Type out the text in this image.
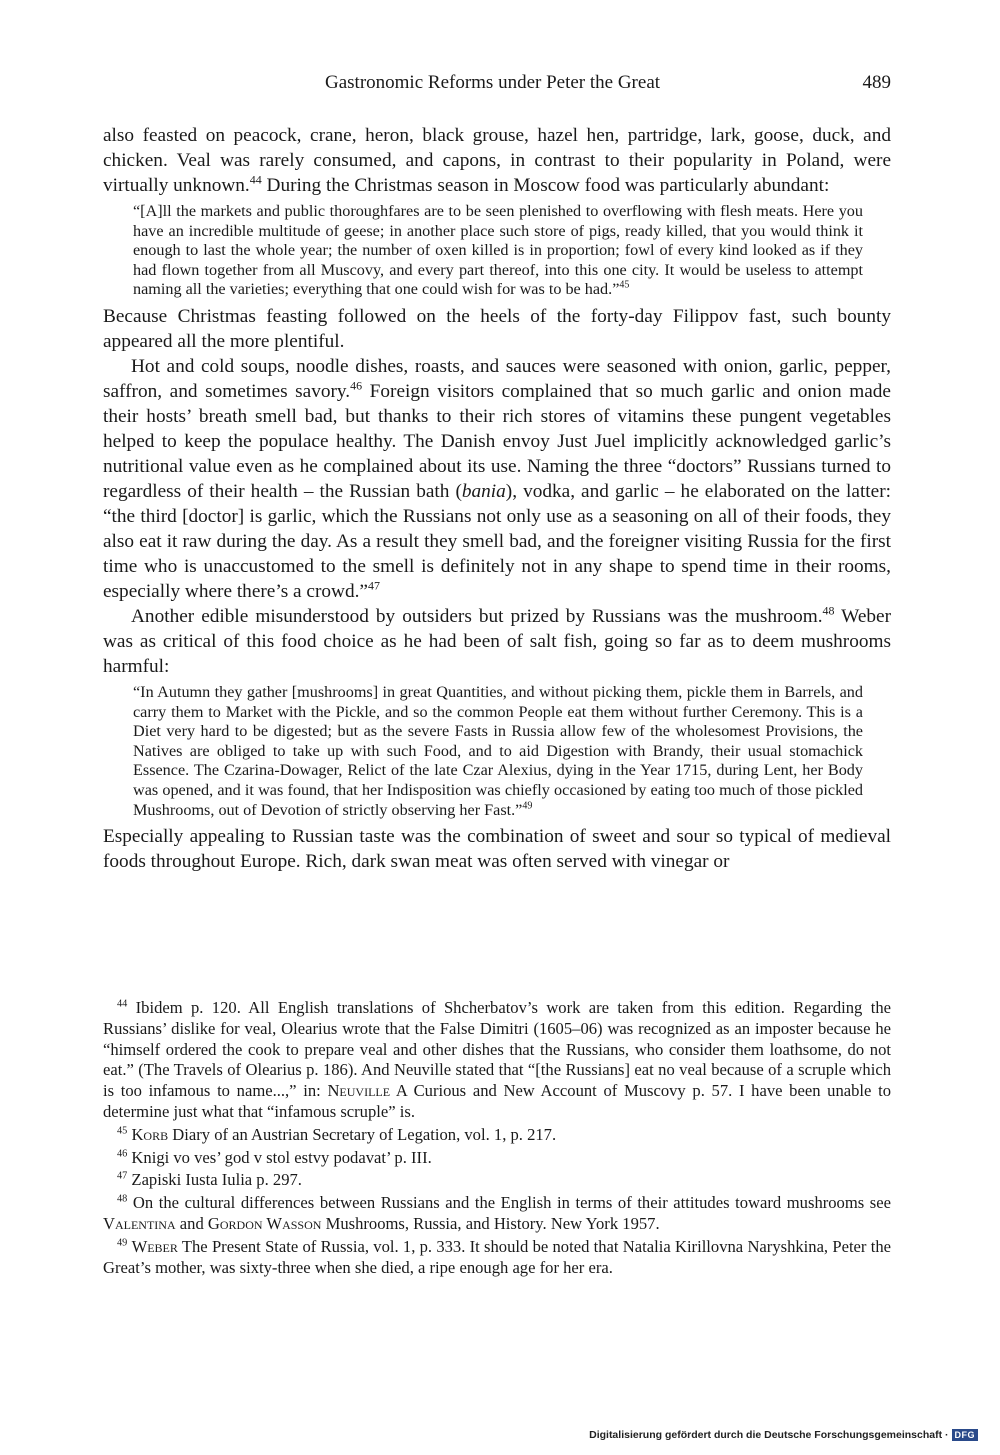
Gastronomic Reforms under Peter the Great	489

also feasted on peacock, crane, heron, black grouse, hazel hen, partridge, lark, goose, duck, and chicken. Veal was rarely consumed, and capons, in contrast to their popularity in Poland, were virtually unknown.$^{44}$ During the Christmas season in Moscow food was particularly abundant:

“[A]ll the markets and public thoroughfares are to be seen plenished to overflowing with flesh meats. Here you have an incredible multitude of geese; in another place such store of pigs, ready killed, that you would think it enough to last the whole year; the number of oxen killed is in proportion; fowl of every kind looked as if they had flown together from all Muscovy, and every part thereof, into this one city. It would be useless to attempt naming all the varieties; everything that one could wish for was to be had.”$^{45}$

Because Christmas feasting followed on the heels of the forty-day Filippov fast, such bounty appeared all the more plentiful.

Hot and cold soups, noodle dishes, roasts, and sauces were seasoned with onion, garlic, pepper, saffron, and sometimes savory.$^{46}$ Foreign visitors complained that so much garlic and onion made their hosts’ breath smell bad, but thanks to their rich stores of vitamins these pungent vegetables helped to keep the populace healthy. The Danish envoy Just Juel implicitly acknowledged garlic’s nutritional value even as he complained about its use. Naming the three “doctors” Russians turned to regardless of their health – the Russian bath (bania), vodka, and garlic – he elaborated on the latter: “the third [doctor] is garlic, which the Russians not only use as a seasoning on all of their foods, they also eat it raw during the day. As a result they smell bad, and the foreigner visiting Russia for the first time who is unaccustomed to the smell is definitely not in any shape to spend time in their rooms, especially where there’s a crowd.”$^{47}$

Another edible misunderstood by outsiders but prized by Russians was the mushroom.$^{48}$ Weber was as critical of this food choice as he had been of salt fish, going so far as to deem mushrooms harmful:

“In Autumn they gather [mushrooms] in great Quantities, and without picking them, pickle them in Barrels, and carry them to Market with the Pickle, and so the common People eat them without further Ceremony. This is a Diet very hard to be digested; but as the severe Fasts in Russia allow few of the wholesomest Provisions, the Natives are obliged to take up with such Food, and to aid Digestion with Brandy, their usual stomachick Essence. The Czarina-Dowager, Relict of the late Czar Alexius, dying in the Year 1715, during Lent, her Body was opened, and it was found, that her Indisposition was chiefly occasioned by eating too much of those pickled Mushrooms, out of Devotion of strictly observing her Fast.”$^{49}$

Especially appealing to Russian taste was the combination of sweet and sour so typical of medieval foods throughout Europe. Rich, dark swan meat was often served with vinegar or

$^{44}$ Ibidem p. 120. All English translations of Shcherbatov’s work are taken from this edition. Regarding the Russians’ dislike for veal, Olearius wrote that the False Dimitri (1605–06) was recognized as an imposter because he “himself ordered the cook to prepare veal and other dishes that the Russians, who consider them loathsome, do not eat.” (The Travels of Olearius p. 186). And Neuville stated that “[the Russians] eat no veal because of a scruple which is too infamous to name...,” in: Neuville A Curious and New Account of Muscovy p. 57. I have been unable to determine just what that “infamous scruple” is.

$^{45}$ Korb Diary of an Austrian Secretary of Legation, vol. 1, p. 217.

$^{46}$ Knigi vo ves’ god v stol estvy podavat’ p. III.

$^{47}$ Zapiski Iusta Iulia p. 297.

$^{48}$ On the cultural differences between Russians and the English in terms of their attitudes toward mushrooms see Valentina and Gordon Wasson Mushrooms, Russia, and History. New York 1957.

$^{49}$ Weber The Present State of Russia, vol. 1, p. 333. It should be noted that Natalia Kirillovna Naryshkina, Peter the Great’s mother, was sixty-three when she died, a ripe enough age for her era.

Digitalisierung gefördert durch die Deutsche Forschungsgemeinschaft · DFG
